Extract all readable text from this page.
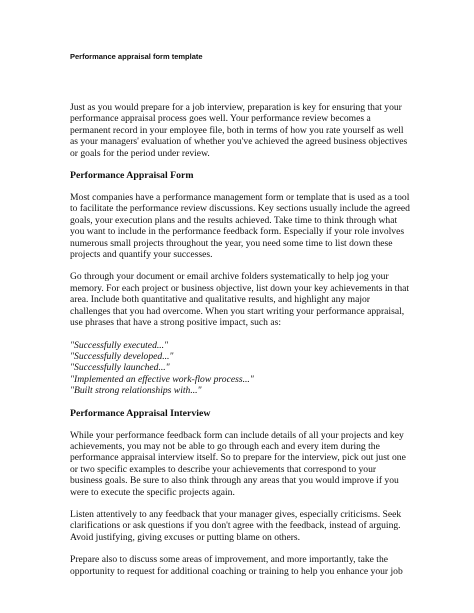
Performance appraisal form template

Just as you would prepare for a job interview, preparation is key for ensuring that your performance appraisal process goes well. Your performance review becomes a permanent record in your employee file, both in terms of how you rate yourself as well as your managers' evaluation of whether you've achieved the agreed business objectives or goals for the period under review.

Performance Appraisal Form

Most companies have a performance management form or template that is used as a tool to facilitate the performance review discussions. Key sections usually include the agreed goals, your execution plans and the results achieved. Take time to think through what you want to include in the performance feedback form. Especially if your role involves numerous small projects throughout the year, you need some time to list down these projects and quantify your successes.

Go through your document or email archive folders systematically to help jog your memory. For each project or business objective, list down your key achievements in that area. Include both quantitative and qualitative results, and highlight any major challenges that you had overcome. When you start writing your performance appraisal, use phrases that have a strong positive impact, such as:

"Successfully executed..."
"Successfully developed..."
"Successfully launched..."
"Implemented an effective work-flow process..."
"Built strong relationships with..."
Performance Appraisal Interview

While your performance feedback form can include details of all your projects and key achievements, you may not be able to go through each and every item during the performance appraisal interview itself. So to prepare for the interview, pick out just one or two specific examples to describe your achievements that correspond to your business goals. Be sure to also think through any areas that you would improve if you were to execute the specific projects again.

Listen attentively to any feedback that your manager gives, especially criticisms. Seek clarifications or ask questions if you don't agree with the feedback, instead of arguing. Avoid justifying, giving excuses or putting blame on others.

Prepare also to discuss some areas of improvement, and more importantly, take the opportunity to request for additional coaching or training to help you enhance your job
